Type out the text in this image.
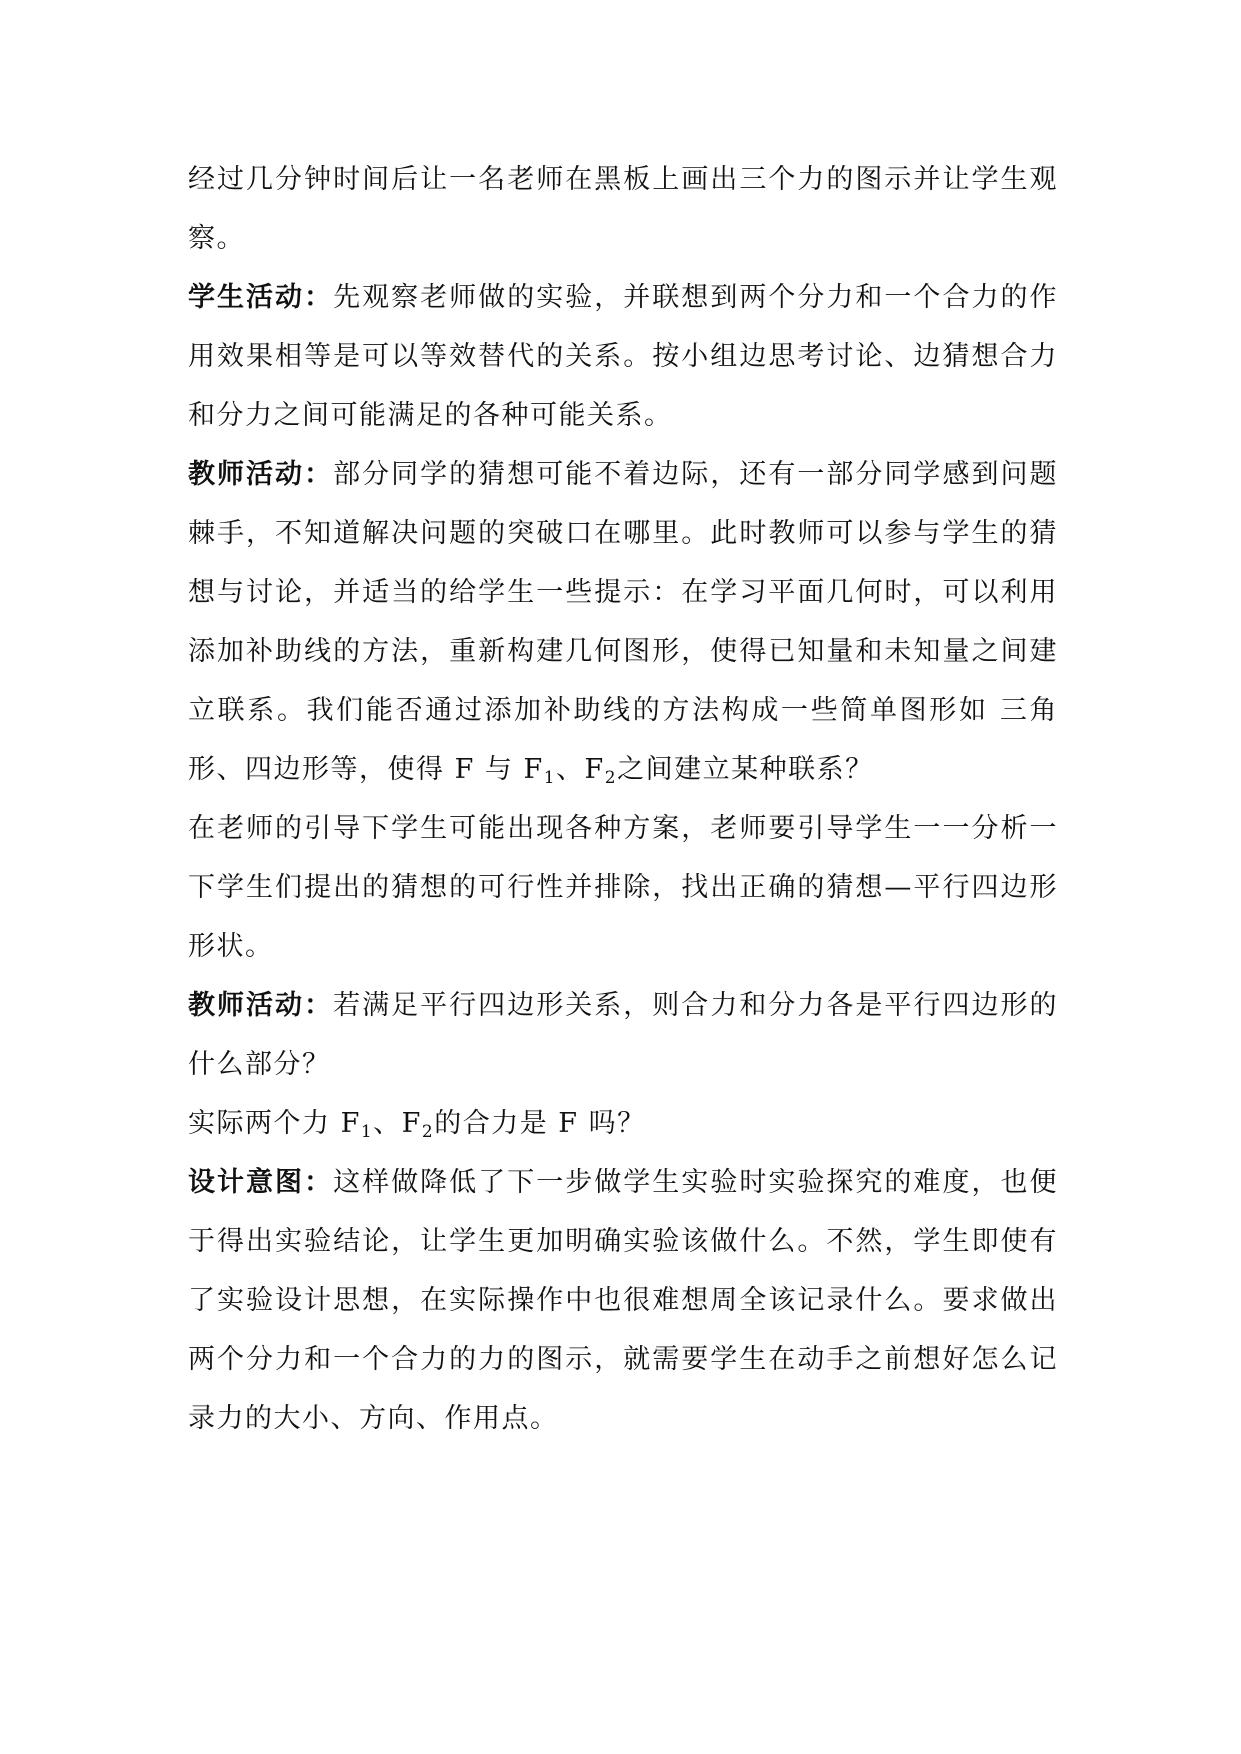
经过几分钟时间后让一名老师在黑板上画出三个力的图示并让学生观察。

学生活动：先观察老师做的实验，并联想到两个分力和一个合力的作用效果相等是可以等效替代的关系。按小组边思考讨论、边猜想合力和分力之间可能满足的各种可能关系。

教师活动：部分同学的猜想可能不着边际，还有一部分同学感到问题棘手，不知道解决问题的突破口在哪里。此时教师可以参与学生的猜想与讨论，并适当的给学生一些提示：在学习平面几何时，可以利用添加补助线的方法，重新构建几何图形，使得已知量和未知量之间建立联系。我们能否通过添加补助线的方法构成一些简单图形如 三角形、四边形等，使得 F 与 $F_1$、$F_2$之间建立某种联系？

在老师的引导下学生可能出现各种方案，老师要引导学生一一分析一下学生们提出的猜想的可行性并排除，找出正确的猜想—平行四边形形状。

教师活动：若满足平行四边形关系，则合力和分力各是平行四边形的什么部分？

实际两个力 $F_1$、$F_2$的合力是 F 吗？

设计意图：这样做降低了下一步做学生实验时实验探究的难度，也便于得出实验结论，让学生更加明确实验该做什么。不然，学生即使有了实验设计思想，在实际操作中也很难想周全该记录什么。要求做出两个分力和一个合力的力的图示，就需要学生在动手之前想好怎么记录力的大小、方向、作用点。
